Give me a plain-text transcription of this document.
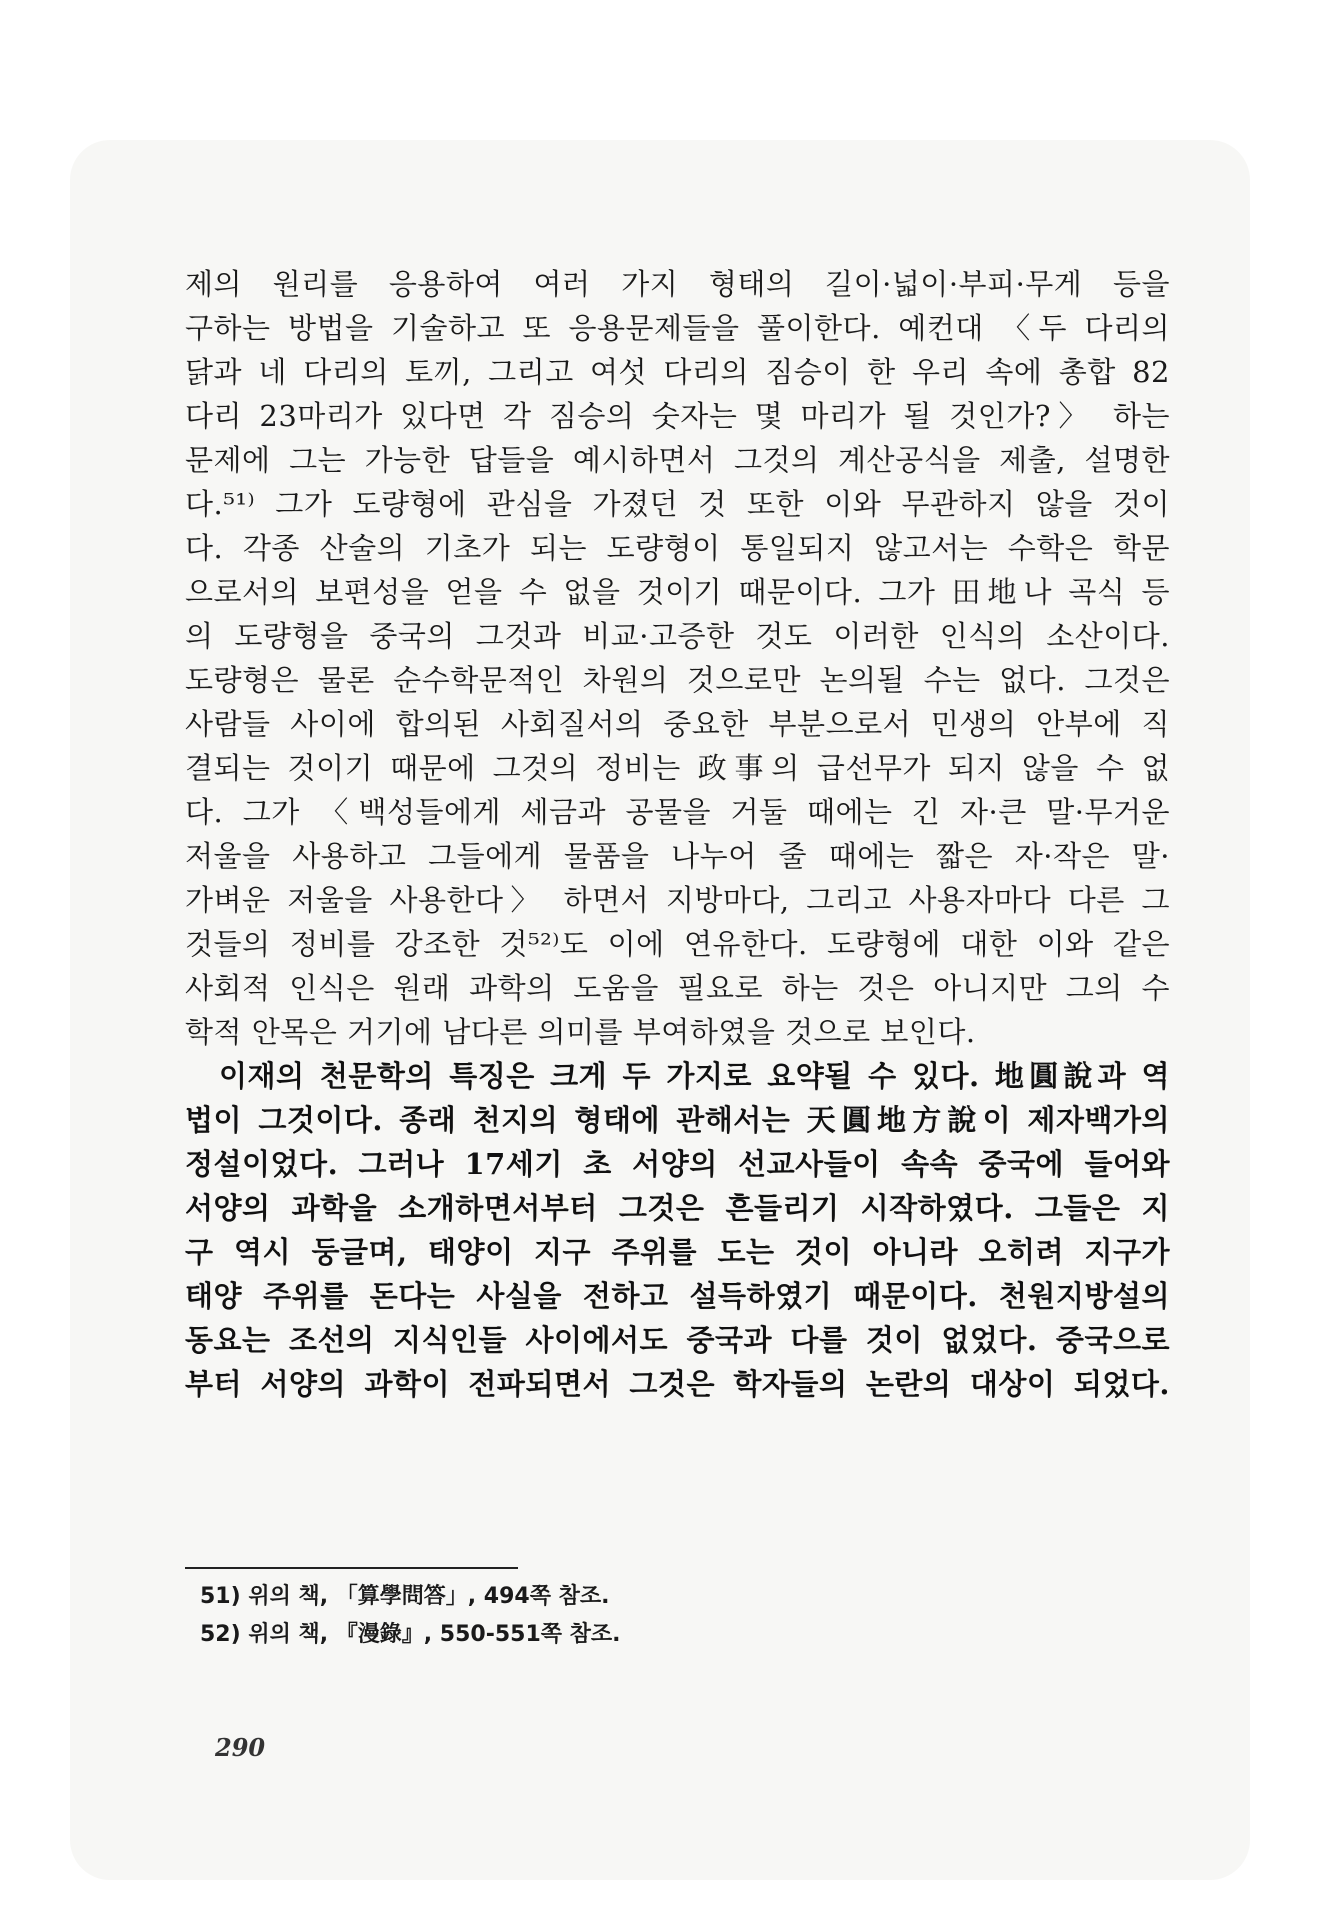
제의 원리를 응용하여 여러 가지 형태의 길이·넓이·부피·무게 등을
구하는 방법을 기술하고 또 응용문제들을 풀이한다. 예컨대 〈두 다리의
닭과 네 다리의 토끼, 그리고 여섯 다리의 짐승이 한 우리 속에 총합 82
다리 23마리가 있다면 각 짐승의 숫자는 몇 마리가 될 것인가?〉 하는
문제에 그는 가능한 답들을 예시하면서 그것의 계산공식을 제출, 설명한
다.⁵¹⁾ 그가 도량형에 관심을 가졌던 것 또한 이와 무관하지 않을 것이
다. 각종 산술의 기초가 되는 도량형이 통일되지 않고서는 수학은 학문
으로서의 보편성을 얻을 수 없을 것이기 때문이다. 그가 田地나 곡식 등
의 도량형을 중국의 그것과 비교·고증한 것도 이러한 인식의 소산이다.
도량형은 물론 순수학문적인 차원의 것으로만 논의될 수는 없다. 그것은
사람들 사이에 합의된 사회질서의 중요한 부분으로서 민생의 안부에 직
결되는 것이기 때문에 그것의 정비는 政事의 급선무가 되지 않을 수 없
다. 그가 〈백성들에게 세금과 공물을 거둘 때에는 긴 자·큰 말·무거운
저울을 사용하고 그들에게 물품을 나누어 줄 때에는 짧은 자·작은 말·
가벼운 저울을 사용한다〉 하면서 지방마다, 그리고 사용자마다 다른 그
것들의 정비를 강조한 것⁵²⁾도 이에 연유한다. 도량형에 대한 이와 같은
사회적 인식은 원래 과학의 도움을 필요로 하는 것은 아니지만 그의 수
학적 안목은 거기에 남다른 의미를 부여하였을 것으로 보인다.
이재의 천문학의 특징은 크게 두 가지로 요약될 수 있다. 地圓說과 역
법이 그것이다. 종래 천지의 형태에 관해서는 天圓地方說이 제자백가의
정설이었다. 그러나 17세기 초 서양의 선교사들이 속속 중국에 들어와
서양의 과학을 소개하면서부터 그것은 흔들리기 시작하였다. 그들은 지
구 역시 둥글며, 태양이 지구 주위를 도는 것이 아니라 오히려 지구가
태양 주위를 돈다는 사실을 전하고 설득하였기 때문이다. 천원지방설의
동요는 조선의 지식인들 사이에서도 중국과 다를 것이 없었다. 중국으로
부터 서양의 과학이 전파되면서 그것은 학자들의 논란의 대상이 되었다.
51) 위의 책, 「算學問答」, 494쪽 참조.
52) 위의 책, 『漫錄』, 550-551쪽 참조.
290
